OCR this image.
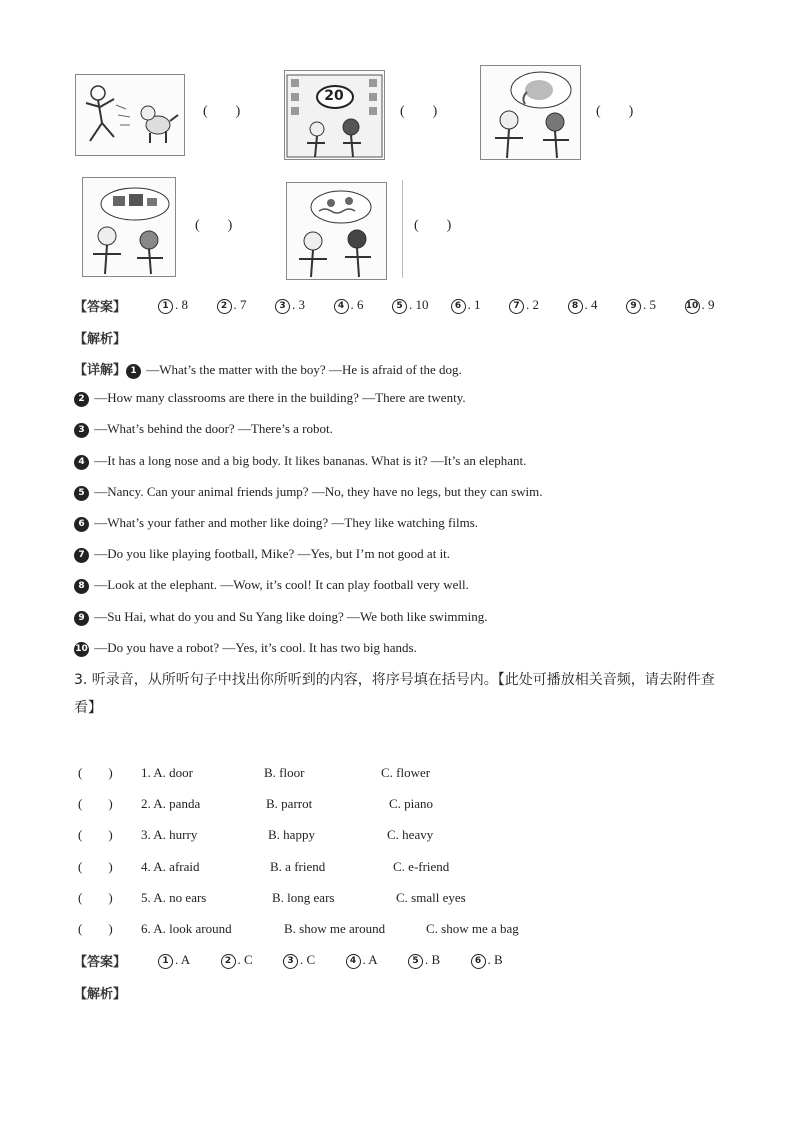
(        )
20
(        )	(        )
(        )	(        )
【答案】	1 . 8	2 . 7	3 . 3	4 . 6	5 . 10	6 . 1	7 . 2	8 . 4	9 . 5	10 . 9
【解析】
【详解】 1 —What’s the matter with the boy? —He is afraid of the dog.
2 —How many classrooms are there in the building? —There are twenty.
3 —What’s behind the door? —There’s a robot.
4 —It has a long nose and a big body. It likes bananas. What is it? —It’s an elephant.
5 —Nancy. Can your animal friends jump? —No, they have no legs, but they can swim.
6 —What’s your father and mother like doing? —They like watching films.
7 —Do you like playing football, Mike? —Yes, but I’m not good at it.
8 —Look at the elephant. —Wow, it’s cool! It can play football very well.
9 —Su Hai, what do you and Su Yang like doing? —We both like swimming.
10 —Do you have a robot? —Yes, it’s cool. It has two big hands.
3. 听录音，从所听句子中找出你所听到的内容，将序号填在括号内。【此处可播放相关音频，请去附件查看】
(        ) 1. A. door	B. floor	C. flower
(        ) 2. A. panda	B. parrot	C. piano
(        ) 3. A. hurry	B. happy	C. heavy
(        ) 4. A. afraid	B. a friend	C. e-friend
(        ) 5. A. no ears	B. long ears	C. small eyes
(        ) 6. A. look around	B. show me around	C. show me a bag
【答案】	1 . A	2 . C	3 . C	4 . A	5 . B	6 . B
【解析】
